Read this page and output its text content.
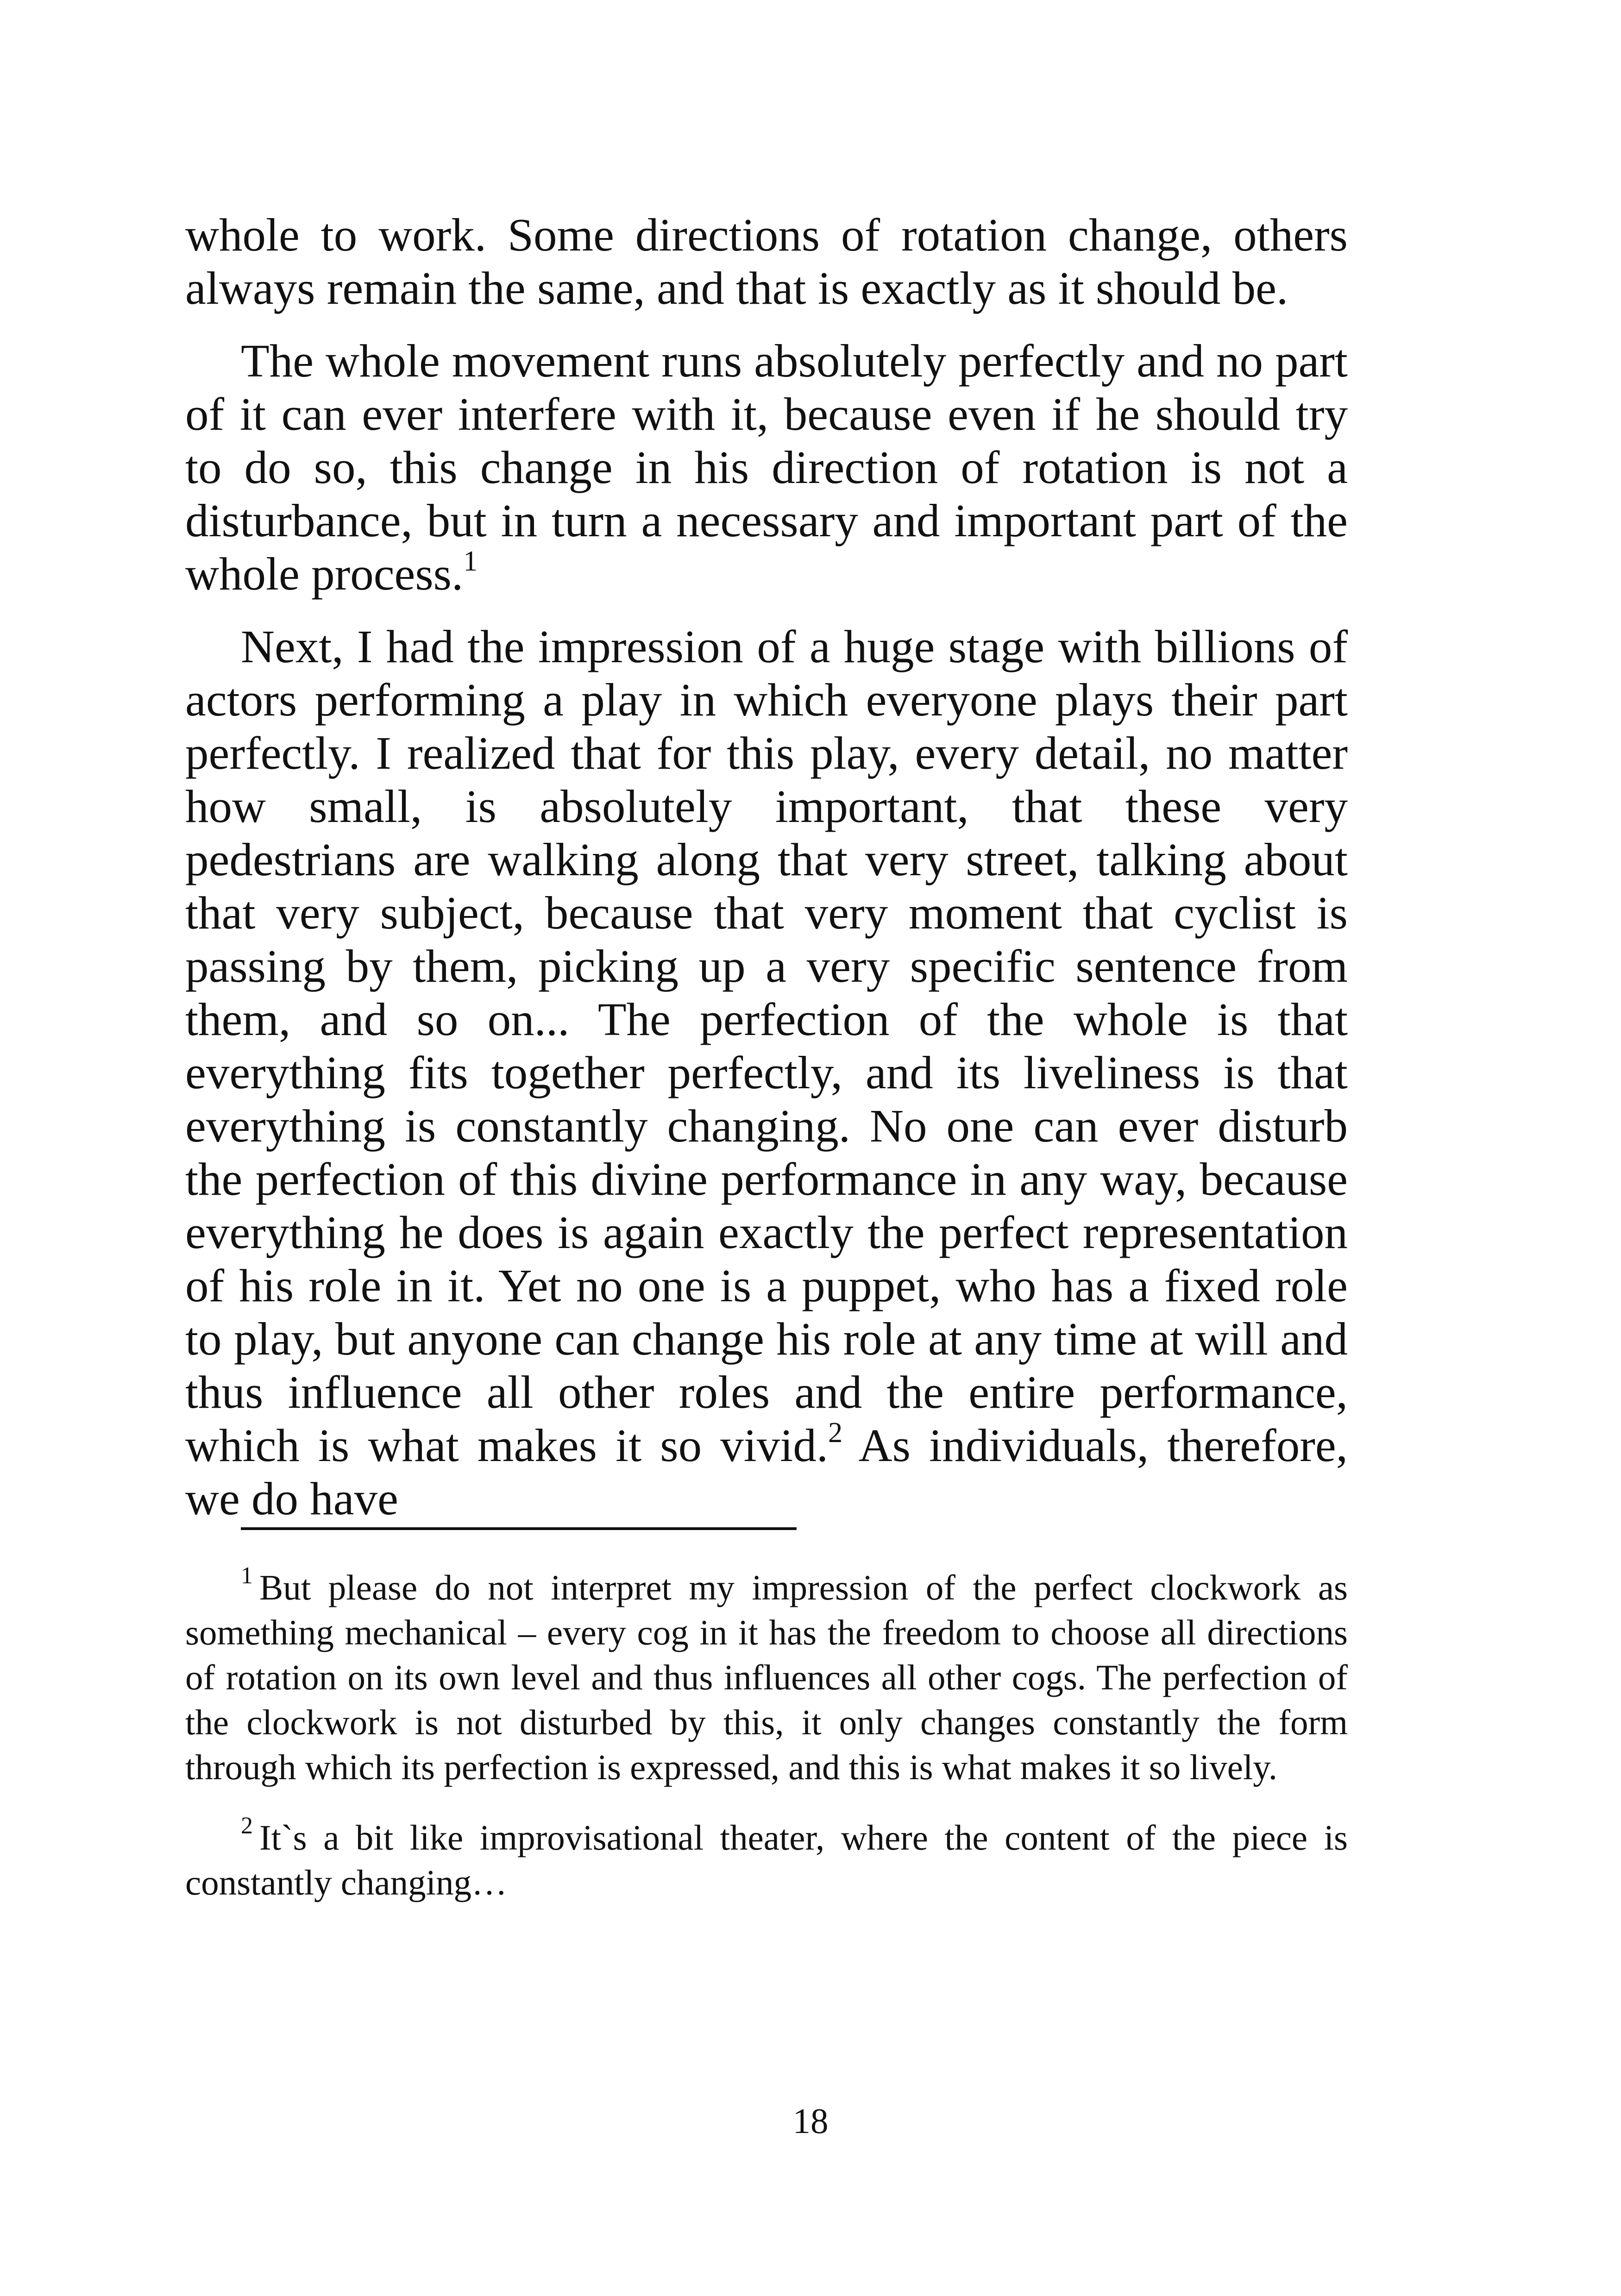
whole to work. Some directions of rotation change, others always remain the same, and that is exactly as it should be.

The whole movement runs absolutely perfectly and no part of it can ever interfere with it, because even if he should try to do so, this change in his direction of rotation is not a disturbance, but in turn a necessary and important part of the whole process.$^1$

Next, I had the impression of a huge stage with billions of actors performing a play in which everyone plays their part perfectly. I realized that for this play, every detail, no matter how small, is absolutely important, that these very pedestrians are walking along that very street, talking about that very subject, because that very moment that cyclist is passing by them, picking up a very specific sentence from them, and so on... The perfection of the whole is that everything fits together perfectly, and its liveliness is that everything is constantly changing. No one can ever disturb the perfection of this divine performance in any way, because everything he does is again exactly the perfect representation of his role in it. Yet no one is a puppet, who has a fixed role to play, but anyone can change his role at any time at will and thus influence all other roles and the entire performance, which is what makes it so vivid.$^2$ As individuals, therefore, we do have

$^1$ But please do not interpret my impression of the perfect clockwork as something mechanical – every cog in it has the freedom to choose all directions of rotation on its own level and thus influences all other cogs. The perfection of the clockwork is not disturbed by this, it only changes constantly the form through which its perfection is expressed, and this is what makes it so lively.

$^2$ It`s a bit like improvisational theater, where the content of the piece is constantly changing…

18
